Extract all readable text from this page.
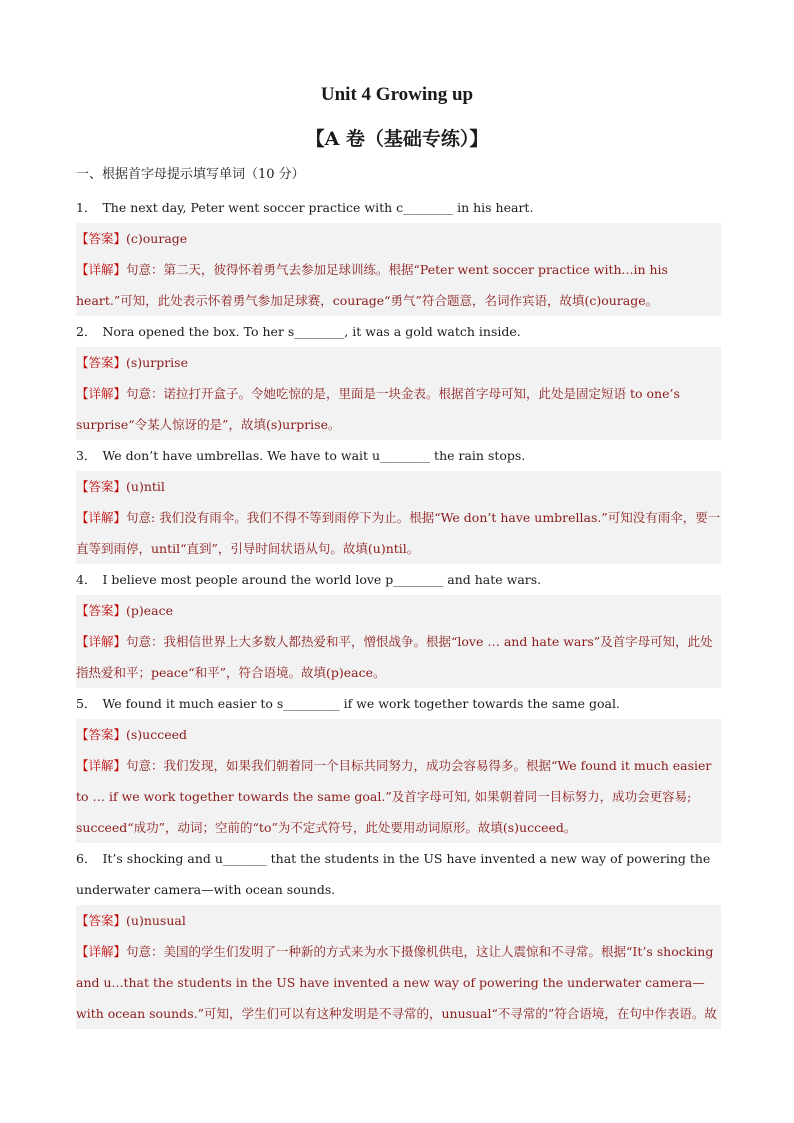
Unit 4 Growing up
【A 卷（基础专练）】
一、根据首字母提示填写单词（10 分）
1． The next day, Peter went soccer practice with c________ in his heart.
【答案】(c)ourage
【详解】句意：第二天，彼得怀着勇气去参加足球训练。根据“Peter went soccer practice with...in his heart.”可知，此处表示怀着勇气参加足球赛，courage“勇气”符合题意，名词作宾语，故填(c)ourage。
2． Nora opened the box. To her s________, it was a gold watch inside.
【答案】(s)urprise
【详解】句意：诺拉打开盒子。令她吃惊的是，里面是一块金表。根据首字母可知，此处是固定短语 to one’s surprise“令某人惊讶的是”，故填(s)urprise。
3． We don’t have umbrellas. We have to wait u________ the rain stops.
【答案】(u)ntil
【详解】句意: 我们没有雨伞。我们不得不等到雨停下为止。根据“We don’t have umbrellas.”可知没有雨伞，要一直等到雨停，until“直到”，引导时间状语从句。故填(u)ntil。
4． I believe most people around the world love p________ and hate wars.
【答案】(p)eace
【详解】句意：我相信世界上大多数人都热爱和平，憎恨战争。根据“love … and hate wars”及首字母可知，此处指热爱和平；peace“和平”，符合语境。故填(p)eace。
5． We found it much easier to s_________ if we work together towards the same goal.
【答案】(s)ucceed
【详解】句意：我们发现，如果我们朝着同一个目标共同努力，成功会容易得多。根据“We found it much easier to … if we work together towards the same goal.”及首字母可知, 如果朝着同一目标努力，成功会更容易; succeed“成功”，动词；空前的“to”为不定式符号，此处要用动词原形。故填(s)ucceed。
6． It’s shocking and u_______ that the students in the US have invented a new way of powering the underwater camera—with ocean sounds.
【答案】(u)nusual
【详解】句意：美国的学生们发明了一种新的方式来为水下摄像机供电，这让人震惊和不寻常。根据“It’s shocking and u...that the students in the US have invented a new way of powering the underwater camera—with ocean sounds.”可知，学生们可以有这种发明是不寻常的，unusual“不寻常的”符合语境，在句中作表语。故
